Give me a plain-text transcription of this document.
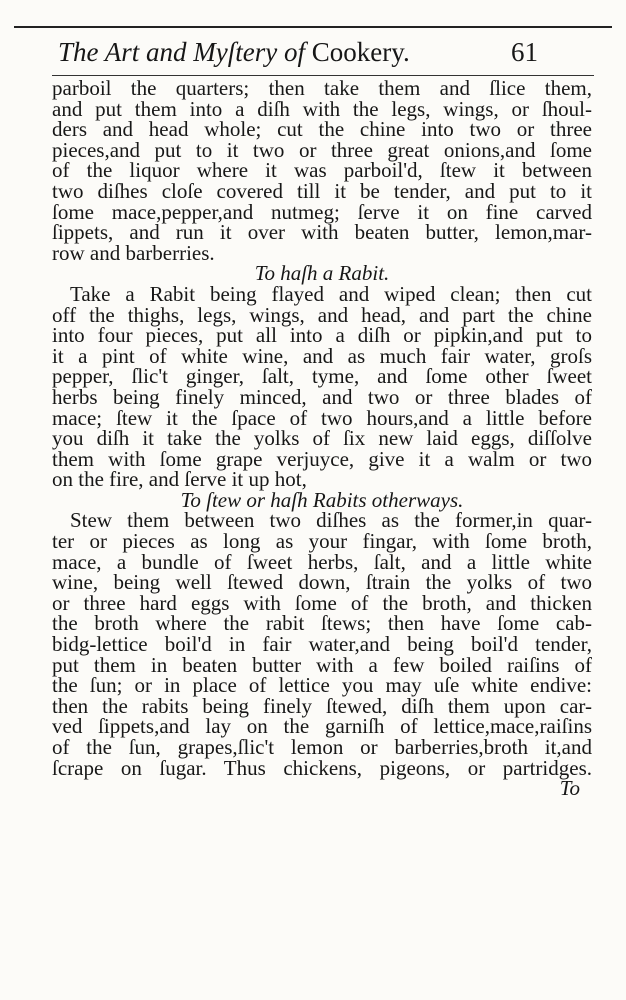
The Art and Myſtery of Cookery.	61
parboil the quarters; then take them and ſlice them,
and put them into a diſh with the legs, wings, or ſhoul-
ders and head whole; cut the chine into two or three
pieces,and put to it two or three great onions,and ſome
of the liquor where it was parboil'd, ſtew it between
two diſhes cloſe covered till it be tender, and put to it
ſome mace,pepper,and nutmeg; ſerve it on fine carved
ſippets, and run it over with beaten butter, lemon,mar-
row and barberries.
To haſh a Rabit.
Take a Rabit being flayed and wiped clean; then cut
off the thighs, legs, wings, and head, and part the chine
into four pieces, put all into a diſh or pipkin,and put to
it a pint of white wine, and as much fair water, groſs
pepper, ſlic't ginger, ſalt, tyme, and ſome other ſweet
herbs being finely minced, and two or three blades of
mace; ſtew it the ſpace of two hours,and a little before
you diſh it take the yolks of ſix new laid eggs, diſſolve
them with ſome grape verjuyce, give it a walm or two
on the fire, and ſerve it up hot,
To ſtew or haſh Rabits otherways.
Stew them between two diſhes as the former,in quar-
ter or pieces as long as your fingar, with ſome broth,
mace, a bundle of ſweet herbs, ſalt, and a little white
wine, being well ſtewed down, ſtrain the yolks of two
or three hard eggs with ſome of the broth, and thicken
the broth where the rabit ſtews; then have ſome cab-
bidg-lettice boil'd in fair water,and being boil'd tender,
put them in beaten butter with a few boiled raiſins of
the ſun; or in place of lettice you may uſe white endive:
then the rabits being finely ſtewed, diſh them upon car-
ved ſippets,and lay on the garniſh of lettice,mace,raiſins
of the ſun, grapes,ſlic't lemon or barberries,broth it,and
ſcrape on ſugar. Thus chickens, pigeons, or partridges.
To
